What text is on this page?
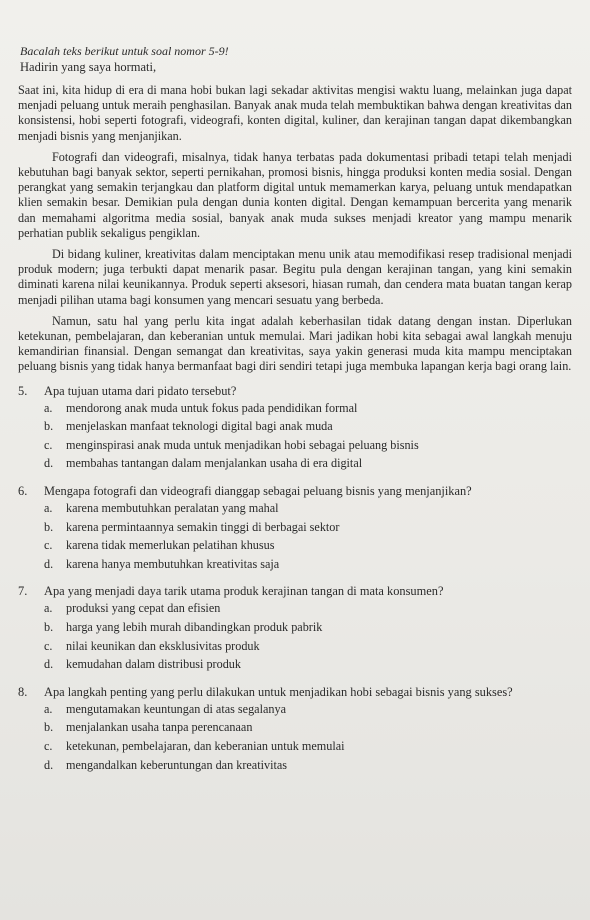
Bacalah teks berikut untuk soal nomor 5-9!
Hadirin yang saya hormati,

Saat ini, kita hidup di era di mana hobi bukan lagi sekadar aktivitas mengisi waktu luang, melainkan juga dapat menjadi peluang untuk meraih penghasilan. Banyak anak muda telah membuktikan bahwa dengan kreativitas dan konsistensi, hobi seperti fotografi, videografi, konten digital, kuliner, dan kerajinan tangan dapat dikembangkan menjadi bisnis yang menjanjikan.

Fotografi dan videografi, misalnya, tidak hanya terbatas pada dokumentasi pribadi tetapi telah menjadi kebutuhan bagi banyak sektor, seperti pernikahan, promosi bisnis, hingga produksi konten media sosial. Dengan perangkat yang semakin terjangkau dan platform digital untuk memamerkan karya, peluang untuk mendapatkan klien semakin besar. Demikian pula dengan dunia konten digital. Dengan kemampuan bercerita yang menarik dan memahami algoritma media sosial, banyak anak muda sukses menjadi kreator yang mampu menarik perhatian publik sekaligus pengiklan.

Di bidang kuliner, kreativitas dalam menciptakan menu unik atau memodifikasi resep tradisional menjadi produk modern; juga terbukti dapat menarik pasar. Begitu pula dengan kerajinan tangan, yang kini semakin diminati karena nilai keunikannya. Produk seperti aksesori, hiasan rumah, dan cendera mata buatan tangan kerap menjadi pilihan utama bagi konsumen yang mencari sesuatu yang berbeda.

Namun, satu hal yang perlu kita ingat adalah keberhasilan tidak datang dengan instan. Diperlukan ketekunan, pembelajaran, dan keberanian untuk memulai. Mari jadikan hobi kita sebagai awal langkah menuju kemandirian finansial. Dengan semangat dan kreativitas, saya yakin generasi muda kita mampu menciptakan peluang bisnis yang tidak hanya bermanfaat bagi diri sendiri tetapi juga membuka lapangan kerja bagi orang lain.

5.	Apa tujuan utama dari pidato tersebut?
a.	mendorong anak muda untuk fokus pada pendidikan formal
b.	menjelaskan manfaat teknologi digital bagi anak muda
c.	menginspirasi anak muda untuk menjadikan hobi sebagai peluang bisnis
d.	membahas tantangan dalam menjalankan usaha di era digital
6.	Mengapa fotografi dan videografi dianggap sebagai peluang bisnis yang menjanjikan?
a.	karena membutuhkan peralatan yang mahal
b.	karena permintaannya semakin tinggi di berbagai sektor
c.	karena tidak memerlukan pelatihan khusus
d.	karena hanya membutuhkan kreativitas saja
7.	Apa yang menjadi daya tarik utama produk kerajinan tangan di mata konsumen?
a.	produksi yang cepat dan efisien
b.	harga yang lebih murah dibandingkan produk pabrik
c.	nilai keunikan dan eksklusivitas produk
d.	kemudahan dalam distribusi produk
8.	Apa langkah penting yang perlu dilakukan untuk menjadikan hobi sebagai bisnis yang sukses?
a.	mengutamakan keuntungan di atas segalanya
b.	menjalankan usaha tanpa perencanaan
c.	ketekunan, pembelajaran, dan keberanian untuk memulai
d.	mengandalkan keberuntungan dan kreativitas
